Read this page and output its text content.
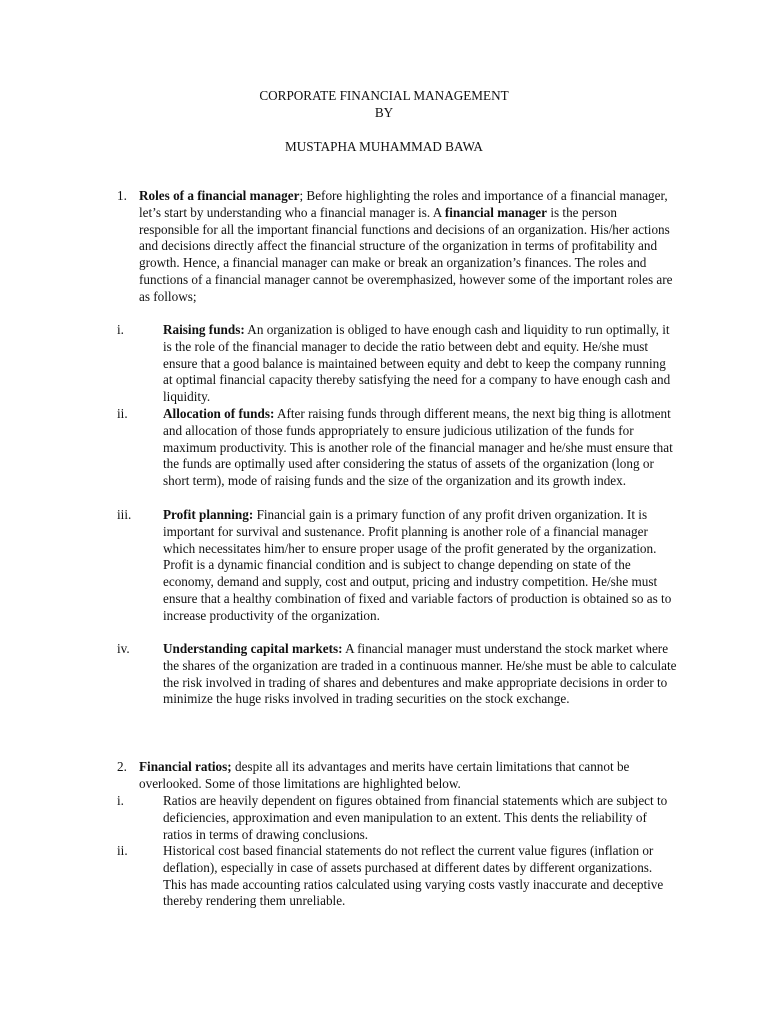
CORPORATE FINANCIAL MANAGEMENT
BY
MUSTAPHA MUHAMMAD BAWA
1. Roles of a financial manager; Before highlighting the roles and importance of a financial manager, let’s start by understanding who a financial manager is. A financial manager is the person responsible for all the important financial functions and decisions of an organization. His/her actions and decisions directly affect the financial structure of the organization in terms of profitability and growth. Hence, a financial manager can make or break an organization’s finances. The roles and functions of a financial manager cannot be overemphasized, however some of the important roles are as follows;

i.	Raising funds: An organization is obliged to have enough cash and liquidity to run optimally, it is the role of the financial manager to decide the ratio between debt and equity. He/she must ensure that a good balance is maintained between equity and debt to keep the company running at optimal financial capacity thereby satisfying the need for a company to have enough cash and liquidity.

ii.	Allocation of funds: After raising funds through different means, the next big thing is allotment and allocation of those funds appropriately to ensure judicious utilization of the funds for maximum productivity. This is another role of the financial manager and he/she must ensure that the funds are optimally used after considering the status of assets of the organization (long or short term), mode of raising funds and the size of the organization and its growth index.

iii. Profit planning: Financial gain is a primary function of any profit driven organization. It is important for survival and sustenance. Profit planning is another role of a financial manager which necessitates him/her to ensure proper usage of the profit generated by the organization. Profit is a dynamic financial condition and is subject to change depending on state of the economy, demand and supply, cost and output, pricing and industry competition. He/she must ensure that a healthy combination of fixed and variable factors of production is obtained so as to increase productivity of the organization.

iv.	Understanding capital markets: A financial manager must understand the stock market where the shares of the organization are traded in a continuous manner. He/she must be able to calculate the risk involved in trading of shares and debentures and make appropriate decisions in order to minimize the huge risks involved in trading securities on the stock exchange.

2. Financial ratios; despite all its advantages and merits have certain limitations that cannot be overlooked. Some of those limitations are highlighted below.

i.	Ratios are heavily dependent on figures obtained from financial statements which are subject to deficiencies, approximation and even manipulation to an extent. This dents the reliability of ratios in terms of drawing conclusions.

ii.	Historical cost based financial statements do not reflect the current value figures (inflation or deflation), especially in case of assets purchased at different dates by different organizations. This has made accounting ratios calculated using varying costs vastly inaccurate and deceptive thereby rendering them unreliable.
